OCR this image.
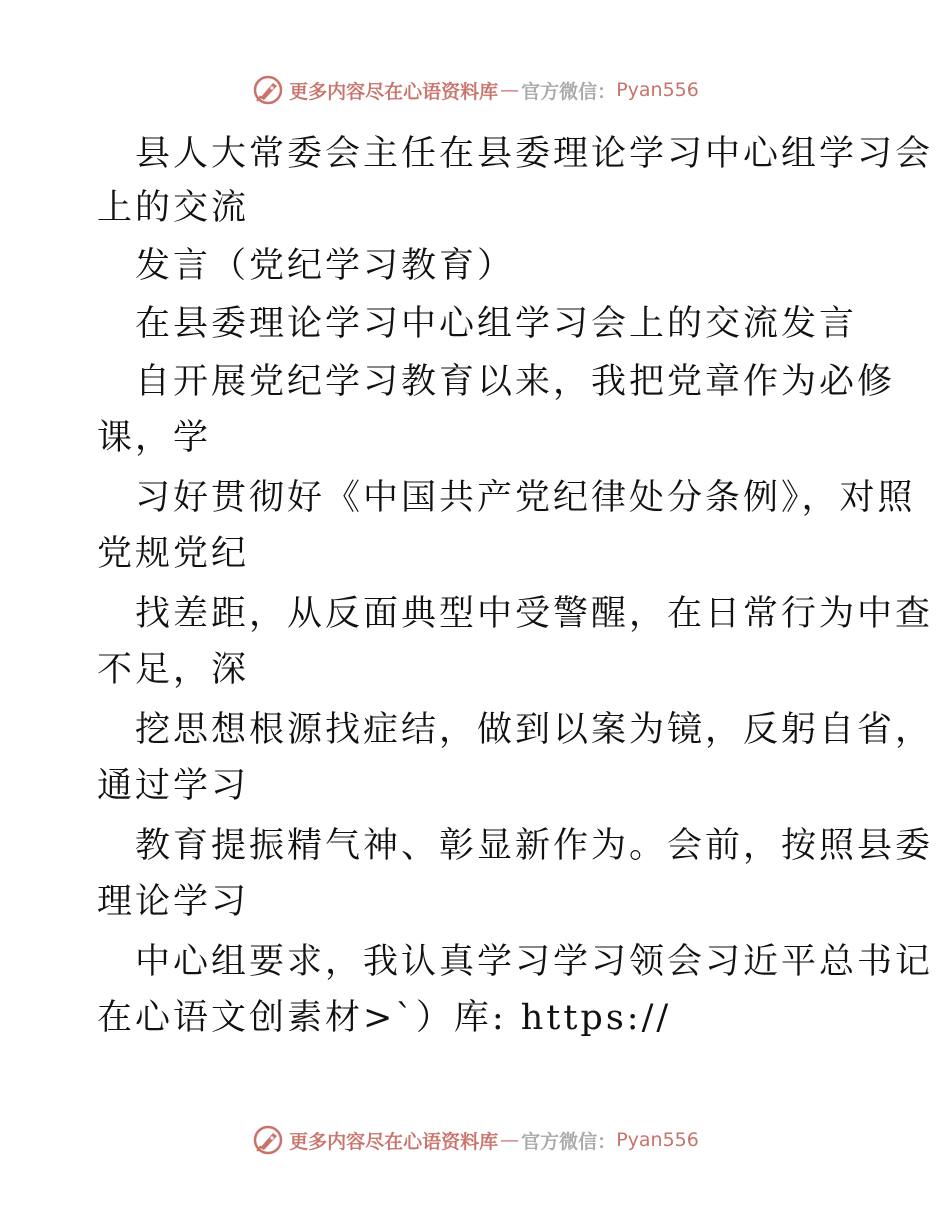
更多内容尽在心语资料库 — 官方微信： Pyan556
县人大常委会主任在县委理论学习中心组学习会
上的交流
发言（党纪学习教育）
在县委理论学习中心组学习会上的交流发言
自开展党纪学习教育以来，我把党章作为必修
课，学
习好贯彻好《中国共产党纪律处分条例》，对照
党规党纪
找差距，从反面典型中受警醒，在日常行为中查
不足，深
挖思想根源找症结，做到以案为镜，反躬自省，
通过学习
教育提振精气神、彰显新作为。会前，按照县委
理论学习
中心组要求，我认真学习学习领会习近平总书记
在心语文创素材>`）库: https://
更多内容尽在心语资料库 — 官方微信： Pyan556
